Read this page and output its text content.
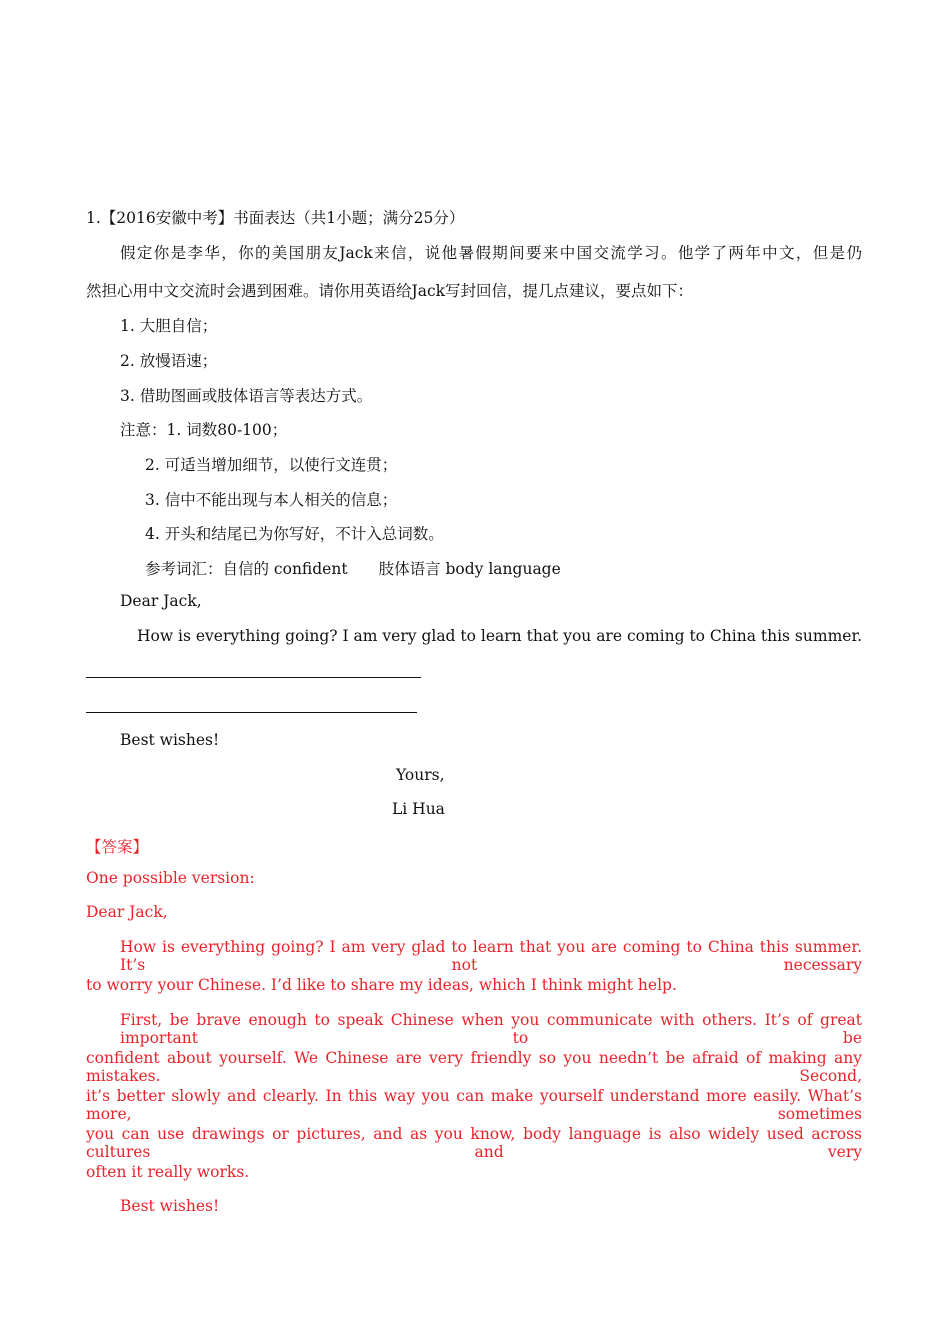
1.【2016安徽中考】书面表达（共1小题；满分25分）
假定你是李华，你的美国朋友Jack来信，说他暑假期间要来中国交流学习。他学了两年中文，但是仍
然担心用中文交流时会遇到困难。请你用英语给Jack写封回信，提几点建议，要点如下：
1. 大胆自信；
2. 放慢语速；
3. 借助图画或肢体语言等表达方式。
注意：1. 词数80-100；
2. 可适当增加细节，以使行文连贯；
3. 信中不能出现与本人相关的信息；
4. 开头和结尾已为你写好，不计入总词数。
参考词汇：自信的 confident　　肢体语言 body language
Dear Jack,
How is everything going? I am very glad to learn that you are coming to China this summer.
Best wishes!
Yours,
Li Hua
【答案】
One possible version:
Dear Jack,
How is everything going? I am very glad to learn that you are coming to China this summer. It’s not necessary
to worry your Chinese. I’d like to share my ideas, which I think might help.
First, be brave enough to speak Chinese when you communicate with others. It’s of great important to be
confident about yourself. We Chinese are very friendly so you needn’t be afraid of making any mistakes. Second,
it’s better slowly and clearly. In this way you can make yourself understand more easily. What’s more, sometimes
you can use drawings or pictures, and as you know, body language is also widely used across cultures and very
often it really works.
Best wishes!
